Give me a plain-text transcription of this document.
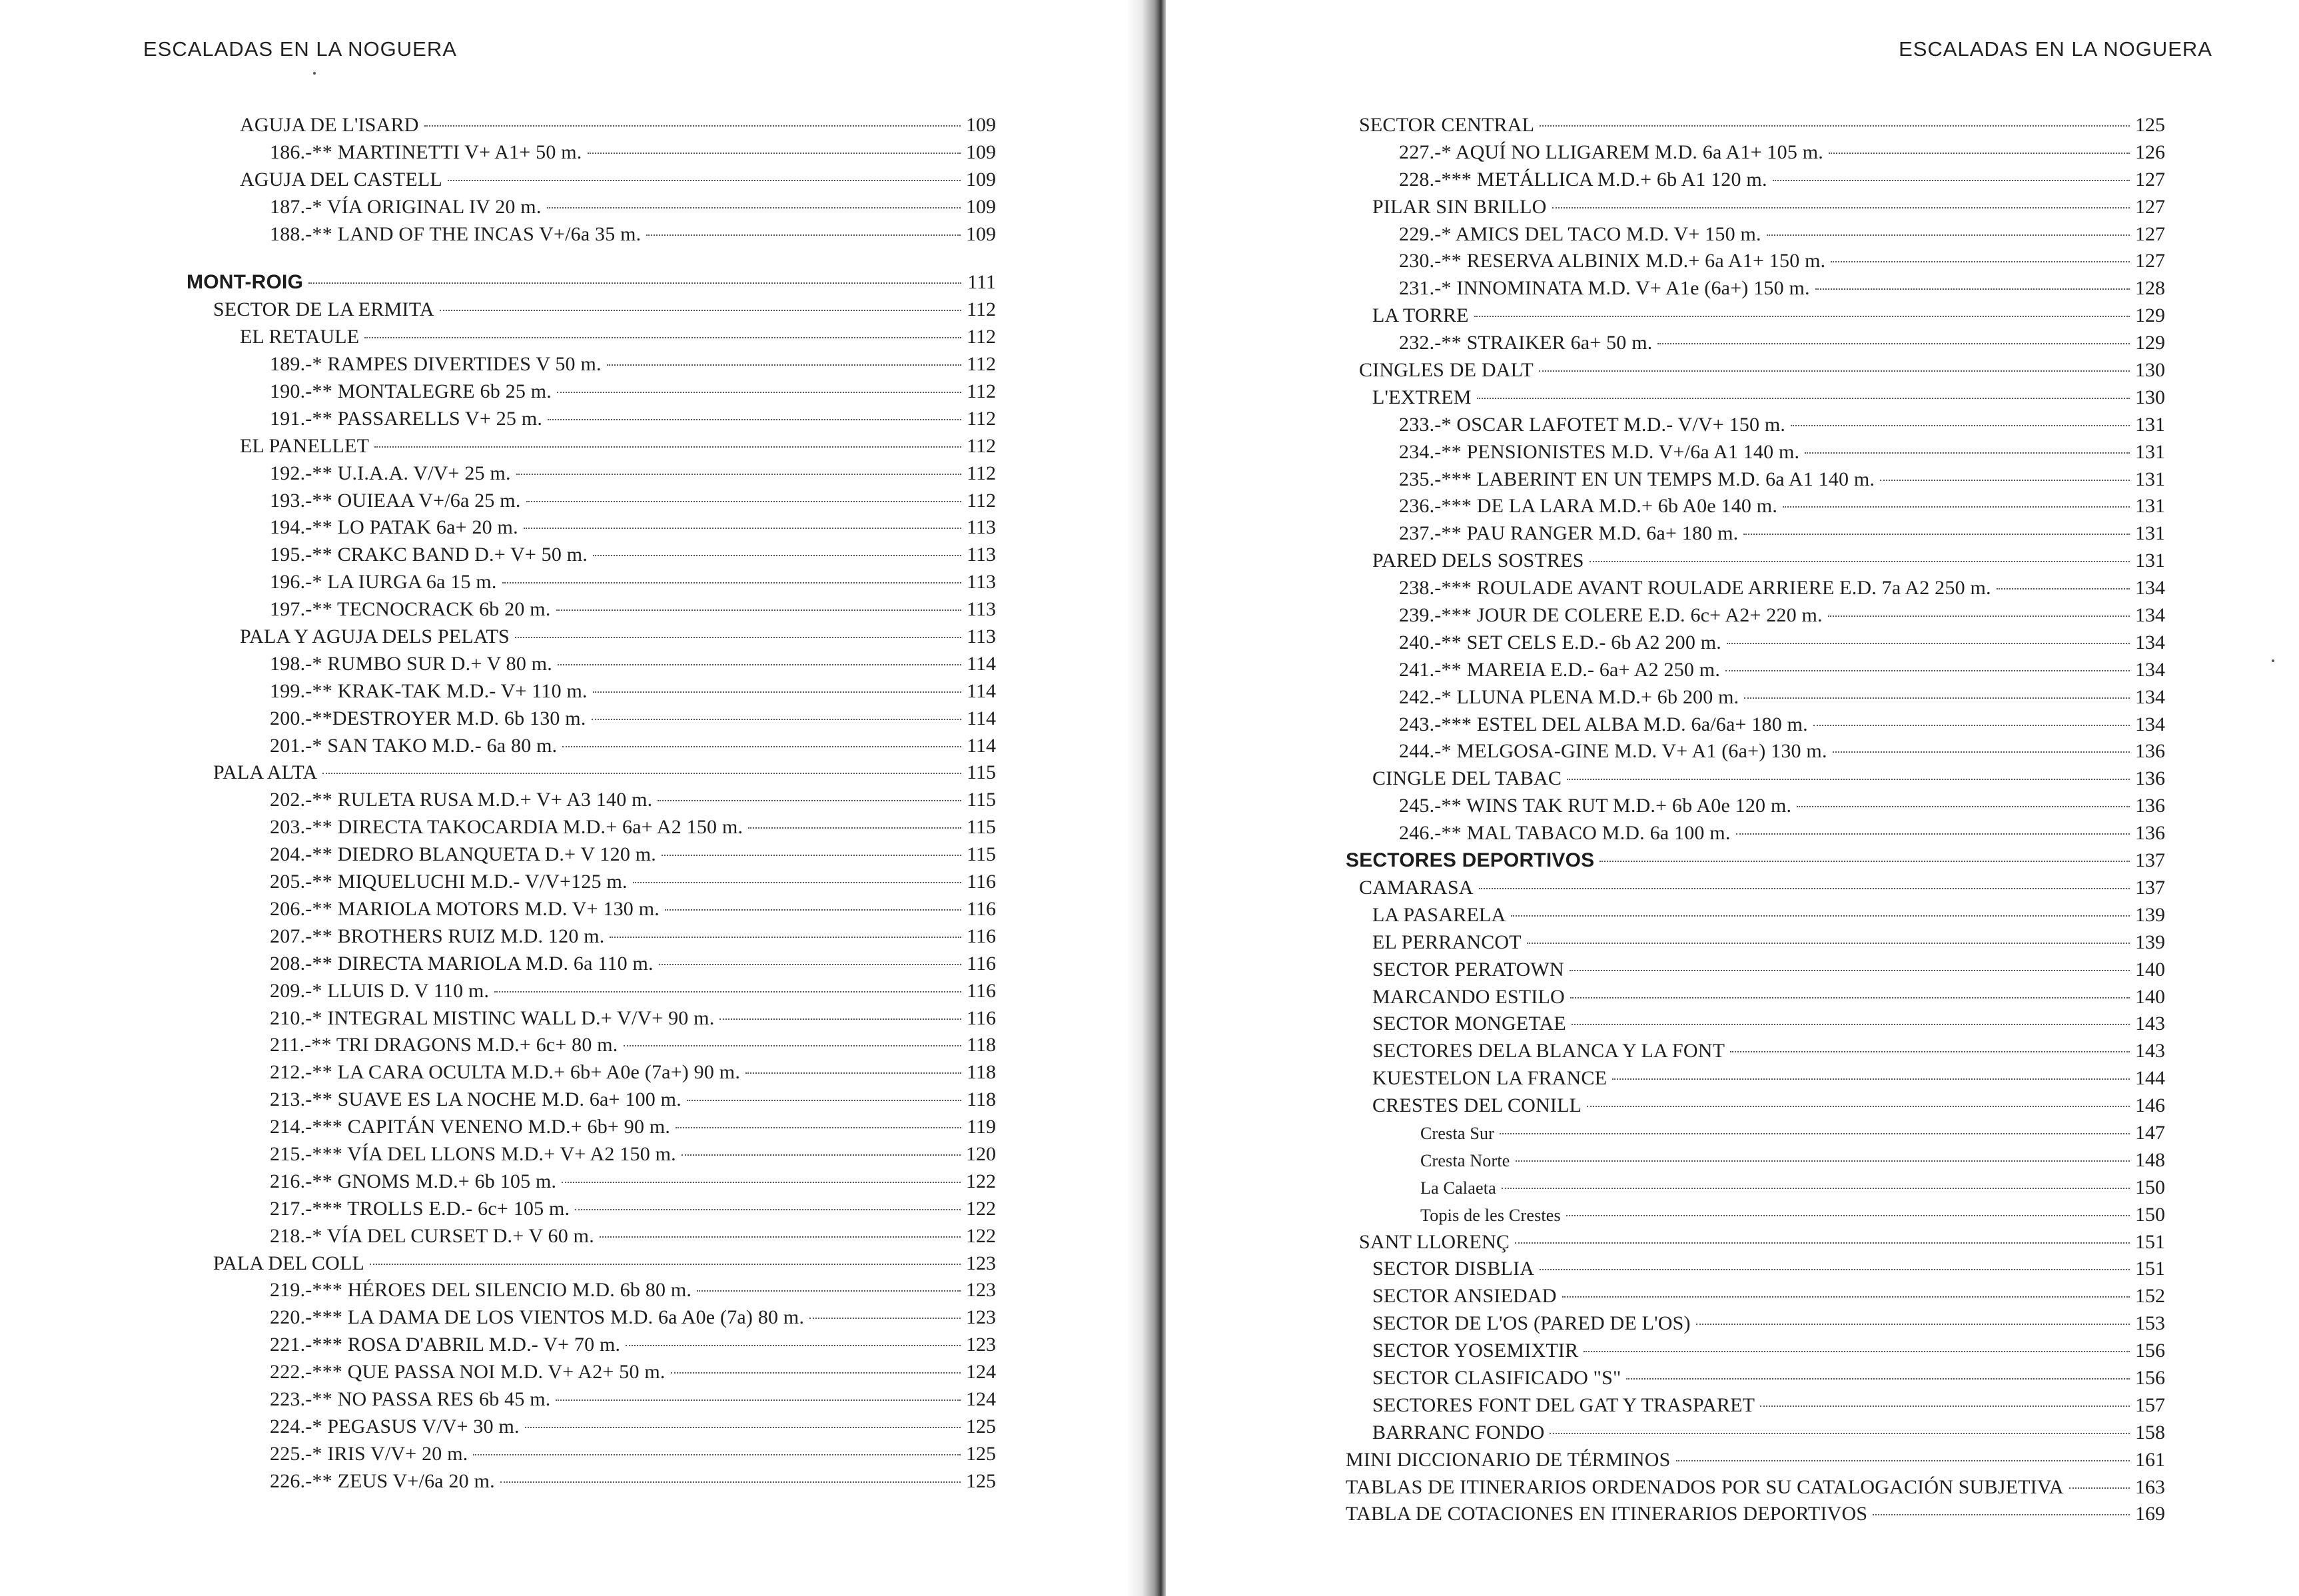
ESCALADAS EN LA NOGUERA
AGUJA DE L'ISARD	109
186.-** MARTINETTI V+ A1+ 50 m.	109
AGUJA DEL CASTELL	109
187.-* VÍA ORIGINAL IV 20 m.	109
188.-** LAND OF THE INCAS V+/6a 35 m.	109
MONT-ROIG	111
SECTOR DE LA ERMITA	112
EL RETAULE	112
189.-* RAMPES DIVERTIDES V 50 m.	112
190.-** MONTALEGRE 6b 25 m.	112
191.-** PASSARELLS V+ 25 m.	112
EL PANELLET	112
192.-** U.I.A.A. V/V+ 25 m.	112
193.-** OUIEAA V+/6a 25 m.	112
194.-** LO PATAK 6a+ 20 m.	113
195.-** CRAKC BAND D.+ V+ 50 m.	113
196.-* LA IURGA 6a 15 m.	113
197.-** TECNOCRACK 6b 20 m.	113
PALA Y AGUJA DELS PELATS	113
198.-* RUMBO SUR D.+ V 80 m.	114
199.-** KRAK-TAK M.D.- V+ 110 m.	114
200.-**DESTROYER M.D. 6b 130 m.	114
201.-* SAN TAKO M.D.- 6a 80 m.	114
PALA ALTA	115
202.-** RULETA RUSA M.D.+ V+ A3 140 m.	115
203.-** DIRECTA TAKOCARDIA M.D.+ 6a+ A2 150 m.	115
204.-** DIEDRO BLANQUETA D.+ V 120 m.	115
205.-** MIQUELUCHI M.D.- V/V+125 m.	116
206.-** MARIOLA MOTORS M.D. V+ 130 m.	116
207.-** BROTHERS RUIZ M.D. 120 m.	116
208.-** DIRECTA MARIOLA M.D. 6a 110 m.	116
209.-* LLUIS D. V 110 m.	116
210.-* INTEGRAL MISTINC WALL D.+ V/V+ 90 m.	116
211.-** TRI DRAGONS M.D.+ 6c+ 80 m.	118
212.-** LA CARA OCULTA M.D.+ 6b+ A0e (7a+) 90 m.	118
213.-** SUAVE ES LA NOCHE M.D. 6a+ 100 m.	118
214.-*** CAPITÁN VENENO M.D.+ 6b+ 90 m.	119
215.-*** VÍA DEL LLONS M.D.+ V+ A2 150 m.	120
216.-** GNOMS M.D.+ 6b 105 m.	122
217.-*** TROLLS E.D.- 6c+ 105 m.	122
218.-* VÍA DEL CURSET D.+ V 60 m.	122
PALA DEL COLL	123
219.-*** HÉROES DEL SILENCIO M.D. 6b 80 m.	123
220.-*** LA DAMA DE LOS VIENTOS M.D. 6a A0e (7a) 80 m.	123
221.-*** ROSA D'ABRIL M.D.- V+ 70 m.	123
222.-*** QUE PASSA NOI M.D. V+ A2+ 50 m.	124
223.-** NO PASSA RES 6b 45 m.	124
224.-* PEGASUS V/V+ 30 m.	125
225.-* IRIS V/V+ 20 m.	125
226.-** ZEUS V+/6a 20 m.	125
ESCALADAS EN LA NOGUERA
SECTOR CENTRAL	125
227.-* AQUÍ NO LLIGAREM M.D. 6a A1+ 105 m.	126
228.-*** METÁLLICA M.D.+ 6b A1 120 m.	127
PILAR SIN BRILLO	127
229.-* AMICS DEL TACO M.D. V+ 150 m.	127
230.-** RESERVA ALBINIX M.D.+ 6a A1+ 150 m.	127
231.-* INNOMINATA M.D. V+ A1e (6a+) 150 m.	128
LA TORRE	129
232.-** STRAIKER 6a+ 50 m.	129
CINGLES DE DALT	130
L'EXTREM	130
233.-* OSCAR LAFOTET M.D.- V/V+ 150 m.	131
234.-** PENSIONISTES M.D. V+/6a A1 140 m.	131
235.-*** LABERINT EN UN TEMPS M.D. 6a A1 140 m.	131
236.-*** DE LA LARA M.D.+ 6b A0e 140 m.	131
237.-** PAU RANGER M.D. 6a+ 180 m.	131
PARED DELS SOSTRES	131
238.-*** ROULADE AVANT ROULADE ARRIERE E.D. 7a A2 250 m.	134
239.-*** JOUR DE COLERE E.D. 6c+ A2+ 220 m.	134
240.-** SET CELS E.D.- 6b A2 200 m.	134
241.-** MAREIA E.D.- 6a+ A2 250 m.	134
242.-* LLUNA PLENA M.D.+ 6b 200 m.	134
243.-*** ESTEL DEL ALBA M.D. 6a/6a+ 180 m.	134
244.-* MELGOSA-GINE M.D. V+ A1 (6a+) 130 m.	136
CINGLE DEL TABAC	136
245.-** WINS TAK RUT M.D.+ 6b A0e 120 m.	136
246.-** MAL TABACO M.D. 6a 100 m.	136
SECTORES DEPORTIVOS	137
CAMARASA	137
LA PASARELA	139
EL PERRANCOT	139
SECTOR PERATOWN	140
MARCANDO ESTILO	140
SECTOR MONGETAE	143
SECTORES DELA BLANCA Y LA FONT	143
KUESTELON LA FRANCE	144
CRESTES DEL CONILL	146
Cresta Sur	147
Cresta Norte	148
La Calaeta	150
Topis de les Crestes	150
SANT LLORENÇ	151
SECTOR DISBLIA	151
SECTOR ANSIEDAD	152
SECTOR DE L'OS (PARED DE L'OS)	153
SECTOR YOSEMIXTIR	156
SECTOR CLASIFICADO "S"	156
SECTORES FONT DEL GAT Y TRASPARET	157
BARRANC FONDO	158
MINI DICCIONARIO DE TÉRMINOS	161
TABLAS DE ITINERARIOS ORDENADOS POR SU CATALOGACIÓN SUBJETIVA	163
TABLA DE COTACIONES EN ITINERARIOS DEPORTIVOS	169
